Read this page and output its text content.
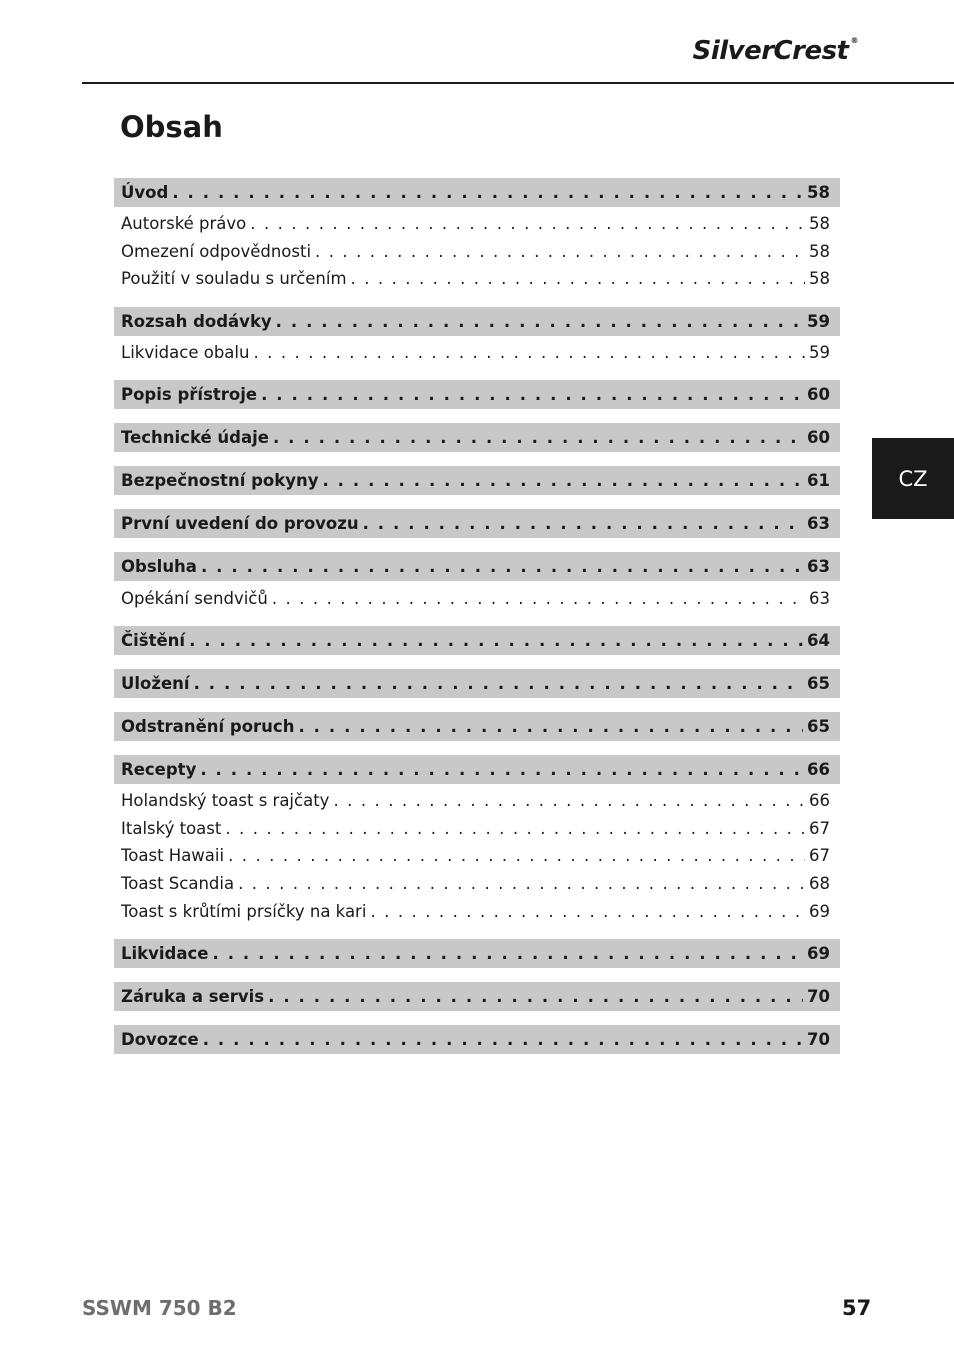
SilverCrest ®
Obsah
CZ
Úvod . . .	58
Autorské právo . . .	58
Omezení odpovědnosti . . .	58
Použití v souladu s určením . . .	58
Rozsah dodávky . . .	59
Likvidace obalu . . .	59
Popis přístroje . . .	60
Technické údaje . . .	60
Bezpečnostní pokyny . . .	61
První uvedení do provozu . . .	63
Obsluha . . .	63
Opékání sendvičů . . .	63
Čištění . . .	64
Uložení . . .	65
Odstranění poruch . . .	65
Recepty . . .	66
Holandský toast s rajčaty . . .	66
Italský toast . . .	67
Toast Hawaii . . .	67
Toast Scandia . . .	68
Toast s krůtími prsíčky na kari . . .	69
Likvidace . . .	69
Záruka a servis . . .	70
Dovozce . . .	70
SSWM 750 B2	57
